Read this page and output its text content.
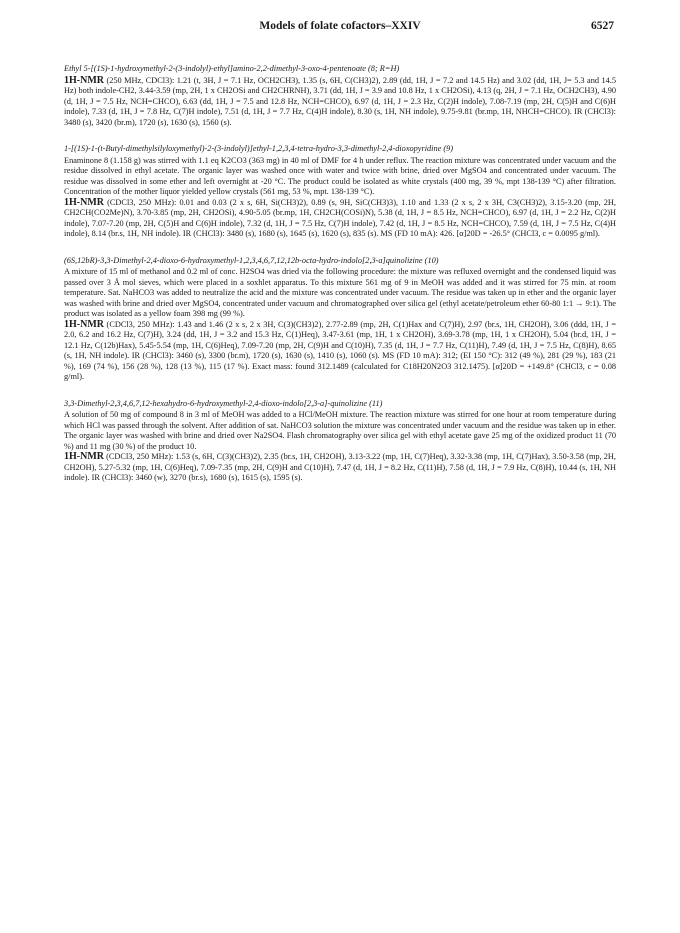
Models of folate cofactors–XXIV	6527
Ethyl 5-[(1S)-1-hydroxymethyl-2-(3-indolyl)-ethyl]amino-2,2-dimethyl-3-oxo-4-pentenoate (8; R=H)

1H-NMR (250 MHz, CDCl3): 1.21 (t, 3H, J = 7.1 Hz, OCH2CH3), 1.35 (s, 6H, C(CH3)2), 2.89 (dd, 1H, J = 7.2 and 14.5 Hz) and 3.02 (dd, 1H, J= 5.3 and 14.5 Hz) both indole-CH2, 3.44-3.59 (mp, 2H, 1 x CH2OSi and CH2CHRNH), 3.71 (dd, 1H, J = 3.9 and 10.8 Hz, 1 x CH2OSi), 4.13 (q, 2H, J = 7.1 Hz, OCH2CH3), 4.90 (d, 1H, J = 7.5 Hz, NCH=CHCO), 6.63 (dd, 1H, J = 7.5 and 12.8 Hz, NCH=CHCO), 6.97 (d, 1H, J = 2.3 Hz, C(2)H indole), 7.08-7.19 (mp, 2H, C(5)H and C(6)H indole), 7.33 (d, 1H, J = 7.8 Hz, C(7)H indole), 7.51 (d, 1H, J = 7.7 Hz, C(4)H indole), 8.30 (s, 1H, NH indole), 9.75-9.81 (br.mp, 1H, NHCH=CHCO). IR (CHCl3): 3480 (s), 3420 (br.m), 1720 (s), 1630 (s), 1560 (s).

1-[(1S)-1-(t-Butyl-dimethylsilyloxymethyl)-2-(3-indolyl)]ethyl-1,2,3,4-tetra-hydro-3,3-dimethyl-2,4-dioxopyridine (9)

Enaminone 8 (1.158 g) was stirred with 1.1 eq K2CO3 (363 mg) in 40 ml of DMF for 4 h under reflux. The reaction mixture was concentrated under vacuum and the residue dissolved in ethyl acetate. The organic layer was washed once with water and twice with brine, dried over MgSO4 and concentrated under vacuum. The residue was dissolved in some ether and left overnight at -20 °C. The product could be isolated as white crystals (400 mg, 39 %, mpt 138-139 °C) after filtration. Concentration of the mother liquor yielded yellow crystals (561 mg, 53 %, mpt. 138-139 °C).

1H-NMR (CDCl3, 250 MHz): 0.01 and 0.03 (2 x s, 6H, Si(CH3)2), 0.89 (s, 9H, SiC(CH3)3), 1.10 and 1.33 (2 x s, 2 x 3H, C3(CH3)2), 3.15-3.20 (mp, 2H, CH2CH(CO2Me)N), 3.70-3.85 (mp, 2H, CH2OSi), 4.90-5.05 (br.mp, 1H, CH2CH(COSi)N), 5.38 (d, 1H, J = 8.5 Hz, NCH=CHCO), 6.97 (d, 1H, J = 2.2 Hz, C(2)H indole), 7.07-7.20 (mp, 2H, C(5)H and C(6)H indole), 7.32 (d, 1H, J = 7.5 Hz, C(7)H indole), 7.42 (d, 1H, J = 8.5 Hz, NCH=CHCO), 7.59 (d, 1H, J = 7.5 Hz, C(4)H indole), 8.14 (br.s, 1H, NH indole). IR (CHCl3): 3480 (s), 1680 (s), 1645 (s), 1620 (s), 835 (s). MS (FD 10 mA): 426. [α]20D = -26.5° (CHCl3, c = 0.0095 g/ml).

(6S,12bR)-3,3-Dimethyl-2,4-dioxo-6-hydroxymethyl-1,2,3,4,6,7,12,12b-octa-hydro-indolo[2,3-a]quinolizine (10)

A mixture of 15 ml of methanol and 0.2 ml of conc. H2SO4 was dried via the following procedure: the mixture was refluxed overnight and the condensed liquid was passed over 3 Å mol sieves, which were placed in a soxhlet apparatus. To this mixture 561 mg of 9 in MeOH was added and it was stirred for 75 min. at room temperature. Sat. NaHCO3 was added to neutralize the acid and the mixture was concentrated under vacuum. The residue was taken up in ether and the organic layer was washed with brine and dried over MgSO4, concentrated under vacuum and chromatographed over silica gel (ethyl acetate/petroleum ether 60-80 1:1 → 9:1). The product was isolated as a yellow foam 398 mg (99 %).

1H-NMR (CDCl3, 250 MHz): 1.43 and 1.46 (2 x s, 2 x 3H, C(3)(CH3)2), 2.77-2.89 (mp, 2H, C(1)Hax and C(7)H), 2.97 (br.s, 1H, CH2OH), 3.06 (ddd, 1H, J = 2.0, 6.2 and 16.2 Hz, C(7)H), 3.24 (dd, 1H, J = 3.2 and 15.3 Hz, C(1)Heq), 3.47-3.61 (mp, 1H, 1 x CH2OH), 3.69-3.78 (mp, 1H, 1 x CH2OH), 5.04 (br.d, 1H, J = 12.1 Hz, C(12b)Hax), 5.45-5.54 (mp, 1H, C(6)Heq), 7.09-7.20 (mp, 2H, C(9)H and C(10)H), 7.35 (d, 1H, J = 7.7 Hz, C(11)H), 7.49 (d, 1H, J = 7.5 Hz, C(8)H), 8.65 (s, 1H, NH indole). IR (CHCl3): 3460 (s), 3300 (br.m), 1720 (s), 1630 (s), 1410 (s), 1060 (s). MS (FD 10 mA): 312; (EI 150 °C): 312 (49 %), 281 (29 %), 183 (21 %), 169 (74 %), 156 (28 %), 128 (13 %), 115 (17 %). Exact mass: found 312.1489 (calculated for C18H20N2O3 312.1475). [α]20D = +149.8° (CHCl3, c = 0.08 g/ml).

3,3-Dimethyl-2,3,4,6,7,12-hexahydro-6-hydroxymethyl-2,4-dioxo-indolo[2,3-a]-quinolizine (11)

A solution of 50 mg of compound 8 in 3 ml of MeOH was added to a HCl/MeOH mixture. The reaction mixture was stirred for one hour at room temperature during which HCl was passed through the solvent. After addition of sat. NaHCO3 solution the mixture was concentrated under vacuum and the residue was taken up in ether. The organic layer was washed with brine and dried over Na2SO4. Flash chromatography over silica gel with ethyl acetate gave 25 mg of the oxidized product 11 (70 %) and 11 mg (30 %) of the product 10.

1H-NMR (CDCl3, 250 MHz): 1.53 (s, 6H, C(3)(CH3)2), 2.35 (br.s, 1H, CH2OH), 3.13-3.22 (mp, 1H, C(7)Heq), 3.32-3.38 (mp, 1H, C(7)Hax), 3.50-3.58 (mp, 2H, CH2OH), 5.27-5.32 (mp, 1H, C(6)Heq), 7.09-7.35 (mp, 2H, C(9)H and C(10)H), 7.47 (d, 1H, J = 8.2 Hz, C(11)H), 7.58 (d, 1H, J = 7.9 Hz, C(8)H), 10.44 (s, 1H, NH indole). IR (CHCl3): 3460 (w), 3270 (br.s), 1680 (s), 1615 (s), 1595 (s).
